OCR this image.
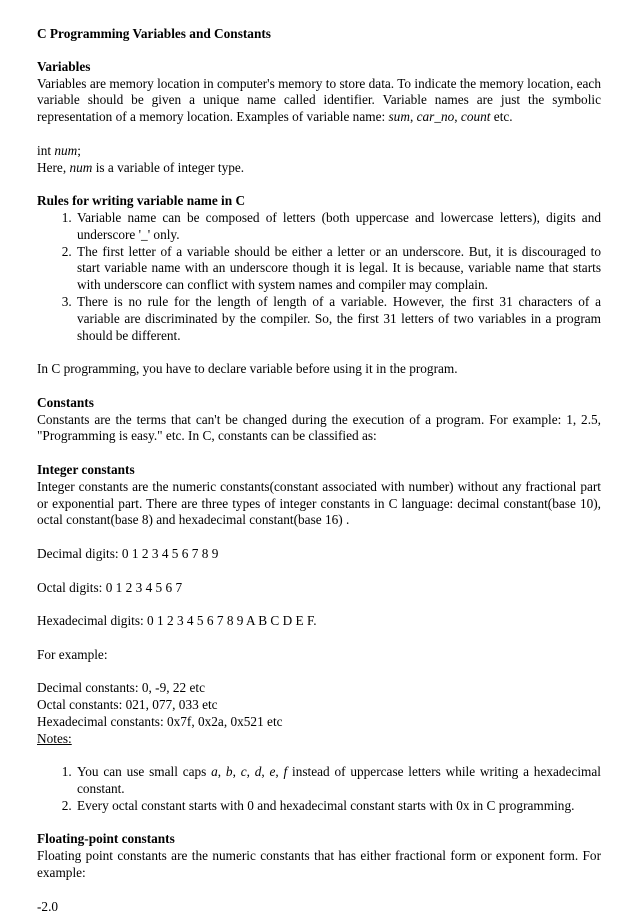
C Programming Variables and Constants
Variables

Variables are memory location in computer's memory to store data. To indicate the memory location, each variable should be given a unique name called identifier. Variable names are just the symbolic representation of a memory location. Examples of variable name: sum, car_no, count etc.

int num;

Here, num is a variable of integer type.

Rules for writing variable name in C
1. Variable name can be composed of letters (both uppercase and lowercase letters), digits and underscore '_' only.
2. The first letter of a variable should be either a letter or an underscore. But, it is discouraged to start variable name with an underscore though it is legal. It is because, variable name that starts with underscore can conflict with system names and compiler may complain.
3. There is no rule for the length of length of a variable. However, the first 31 characters of a variable are discriminated by the compiler. So, the first 31 letters of two variables in a program should be different.

In C programming, you have to declare variable before using it in the program.

Constants

Constants are the terms that can't be changed during the execution of a program. For example: 1, 2.5, "Programming is easy." etc. In C, constants can be classified as:

Integer constants

Integer constants are the numeric constants(constant associated with number) without any fractional part or exponential part. There are three types of integer constants in C language: decimal constant(base 10), octal constant(base 8) and hexadecimal constant(base 16) .

Decimal digits: 0 1 2 3 4 5 6 7 8 9

Octal digits: 0 1 2 3 4 5 6 7

Hexadecimal digits: 0 1 2 3 4 5 6 7 8 9 A B C D E F.

For example:

Decimal constants: 0, -9, 22 etc

Octal constants: 021, 077, 033 etc

Hexadecimal constants: 0x7f, 0x2a, 0x521 etc

Notes:

1. You can use small caps a, b, c, d, e, f instead of uppercase letters while writing a hexadecimal constant.
2. Every octal constant starts with 0 and hexadecimal constant starts with 0x in C programming.
Floating-point constants

Floating point constants are the numeric constants that has either fractional form or exponent form. For example:

-2.0
